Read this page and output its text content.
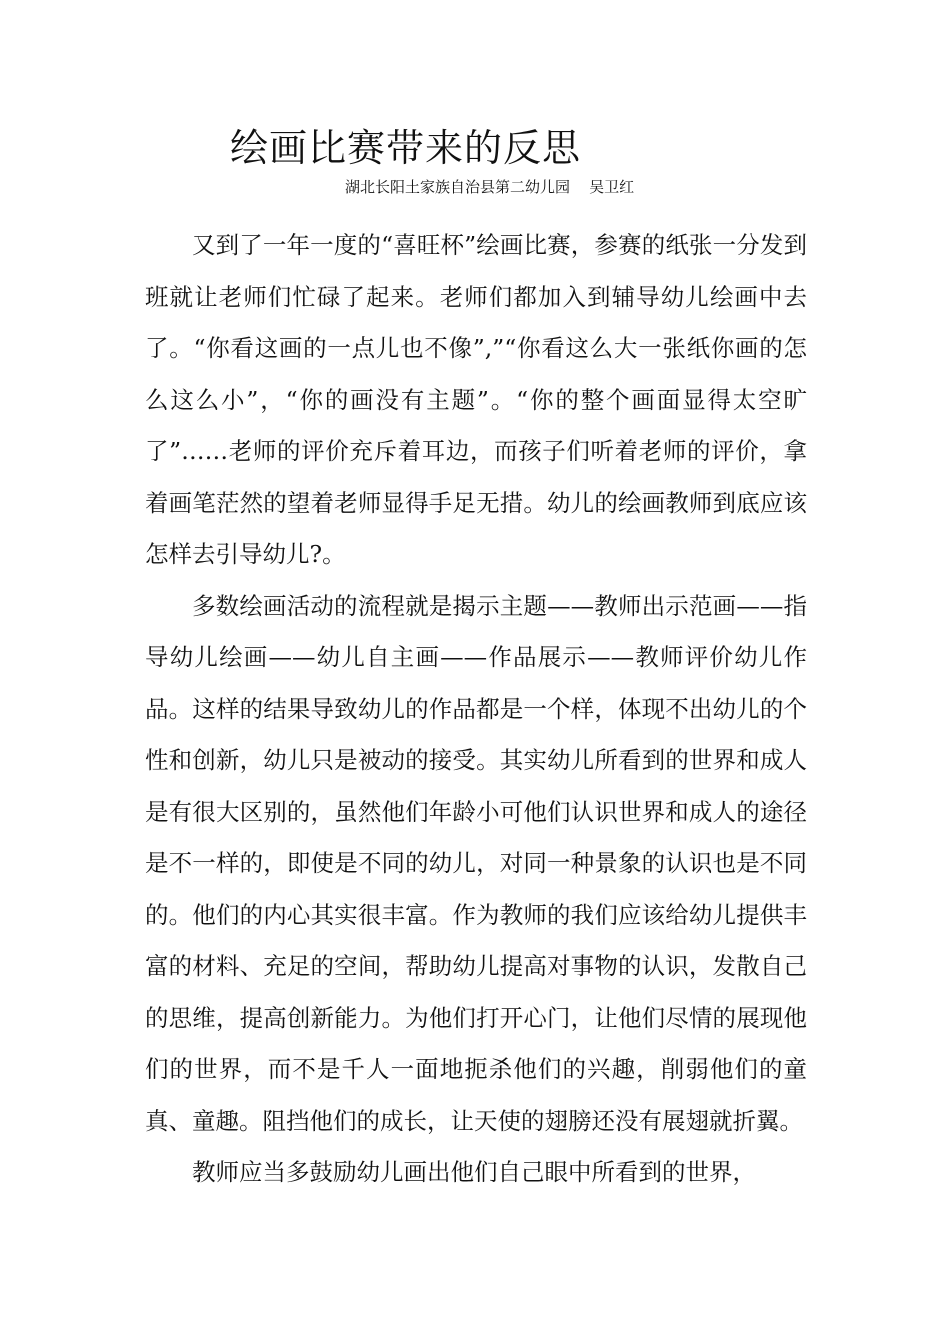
绘画比赛带来的反思
湖北长阳土家族自治县第二幼儿园    吴卫红

又到了一年一度的“喜旺杯”绘画比赛，参赛的纸张一分发到班就让老师们忙碌了起来。老师们都加入到辅导幼儿绘画中去了。“你看这画的一点儿也不像”,”“你看这么大一张纸你画的怎么这么小”，“你的画没有主题”。“你的整个画面显得太空旷了”……老师的评价充斥着耳边，而孩子们听着老师的评价，拿着画笔茫然的望着老师显得手足无措。幼儿的绘画教师到底应该怎样去引导幼儿?。

多数绘画活动的流程就是揭示主题——教师出示范画——指导幼儿绘画——幼儿自主画——作品展示——教师评价幼儿作品。这样的结果导致幼儿的作品都是一个样，体现不出幼儿的个性和创新，幼儿只是被动的接受。其实幼儿所看到的世界和成人是有很大区别的，虽然他们年龄小可他们认识世界和成人的途径是不一样的，即使是不同的幼儿，对同一种景象的认识也是不同的。他们的内心其实很丰富。作为教师的我们应该给幼儿提供丰富的材料、充足的空间，帮助幼儿提高对事物的认识，发散自己的思维，提高创新能力。为他们打开心门，让他们尽情的展现他们的世界，而不是千人一面地扼杀他们的兴趣，削弱他们的童真、童趣。阻挡他们的成长，让天使的翅膀还没有展翅就折翼。

教师应当多鼓励幼儿画出他们自己眼中所看到的世界，
